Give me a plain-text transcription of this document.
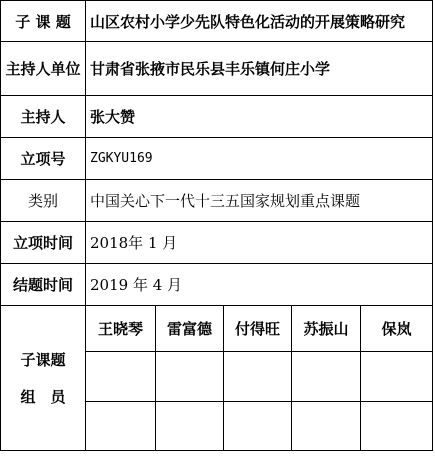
子 课 题	山区农村小学少先队特色化活动的开展策略研究				
主持人单位	甘肃省张掖市民乐县丰乐镇何庄小学				
主持人	张大赞				
立项号	ZGKYU169				
类别	中国关心下一代十三五国家规划重点课题				
立项时间	2018年 1 月				
结题时间	2019 年 4 月				

子课题
组　员	王晓琴	雷富德	付得旺	苏振山	保岚
